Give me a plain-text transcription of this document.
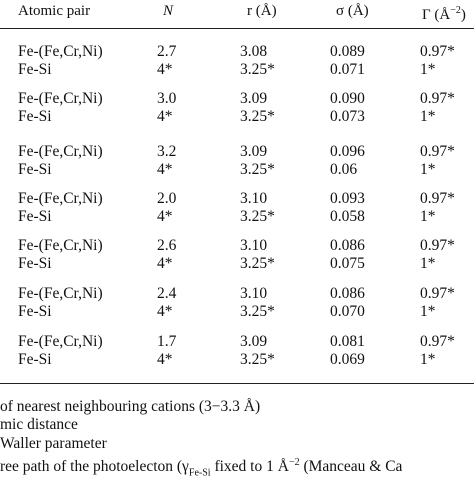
Atomic pair	N	r (Å)	σ (Å)	Γ $(Å^{-2})$
Fe-(Fe,Cr,Ni)	2.7	3.08	0.089	0.97*
Fe-Si	4*	3.25*	0.071	1*
Fe-(Fe,Cr,Ni)	3.0	3.09	0.090	0.97*
Fe-Si	4*	3.25*	0.073	1*
Fe-(Fe,Cr,Ni)	3.2	3.09	0.096	0.97*
Fe-Si	4*	3.25*	0.06	1*
Fe-(Fe,Cr,Ni)	2.0	3.10	0.093	0.97*
Fe-Si	4*	3.25*	0.058	1*
Fe-(Fe,Cr,Ni)	2.6	3.10	0.086	0.97*
Fe-Si	4*	3.25*	0.075	1*
Fe-(Fe,Cr,Ni)	2.4	3.10	0.086	0.97*
Fe-Si	4*	3.25*	0.070	1*
Fe-(Fe,Cr,Ni)	1.7	3.09	0.081	0.97*
Fe-Si	4*	3.25*	0.069	1*
of nearest neighbouring cations (3−3.3 Å)
mic distance
Waller parameter
ree path of the photoelecton ($\gamma_{Fe-Si}$ fixed to 1 $Å^{-2}$ (Manceau & Ca
